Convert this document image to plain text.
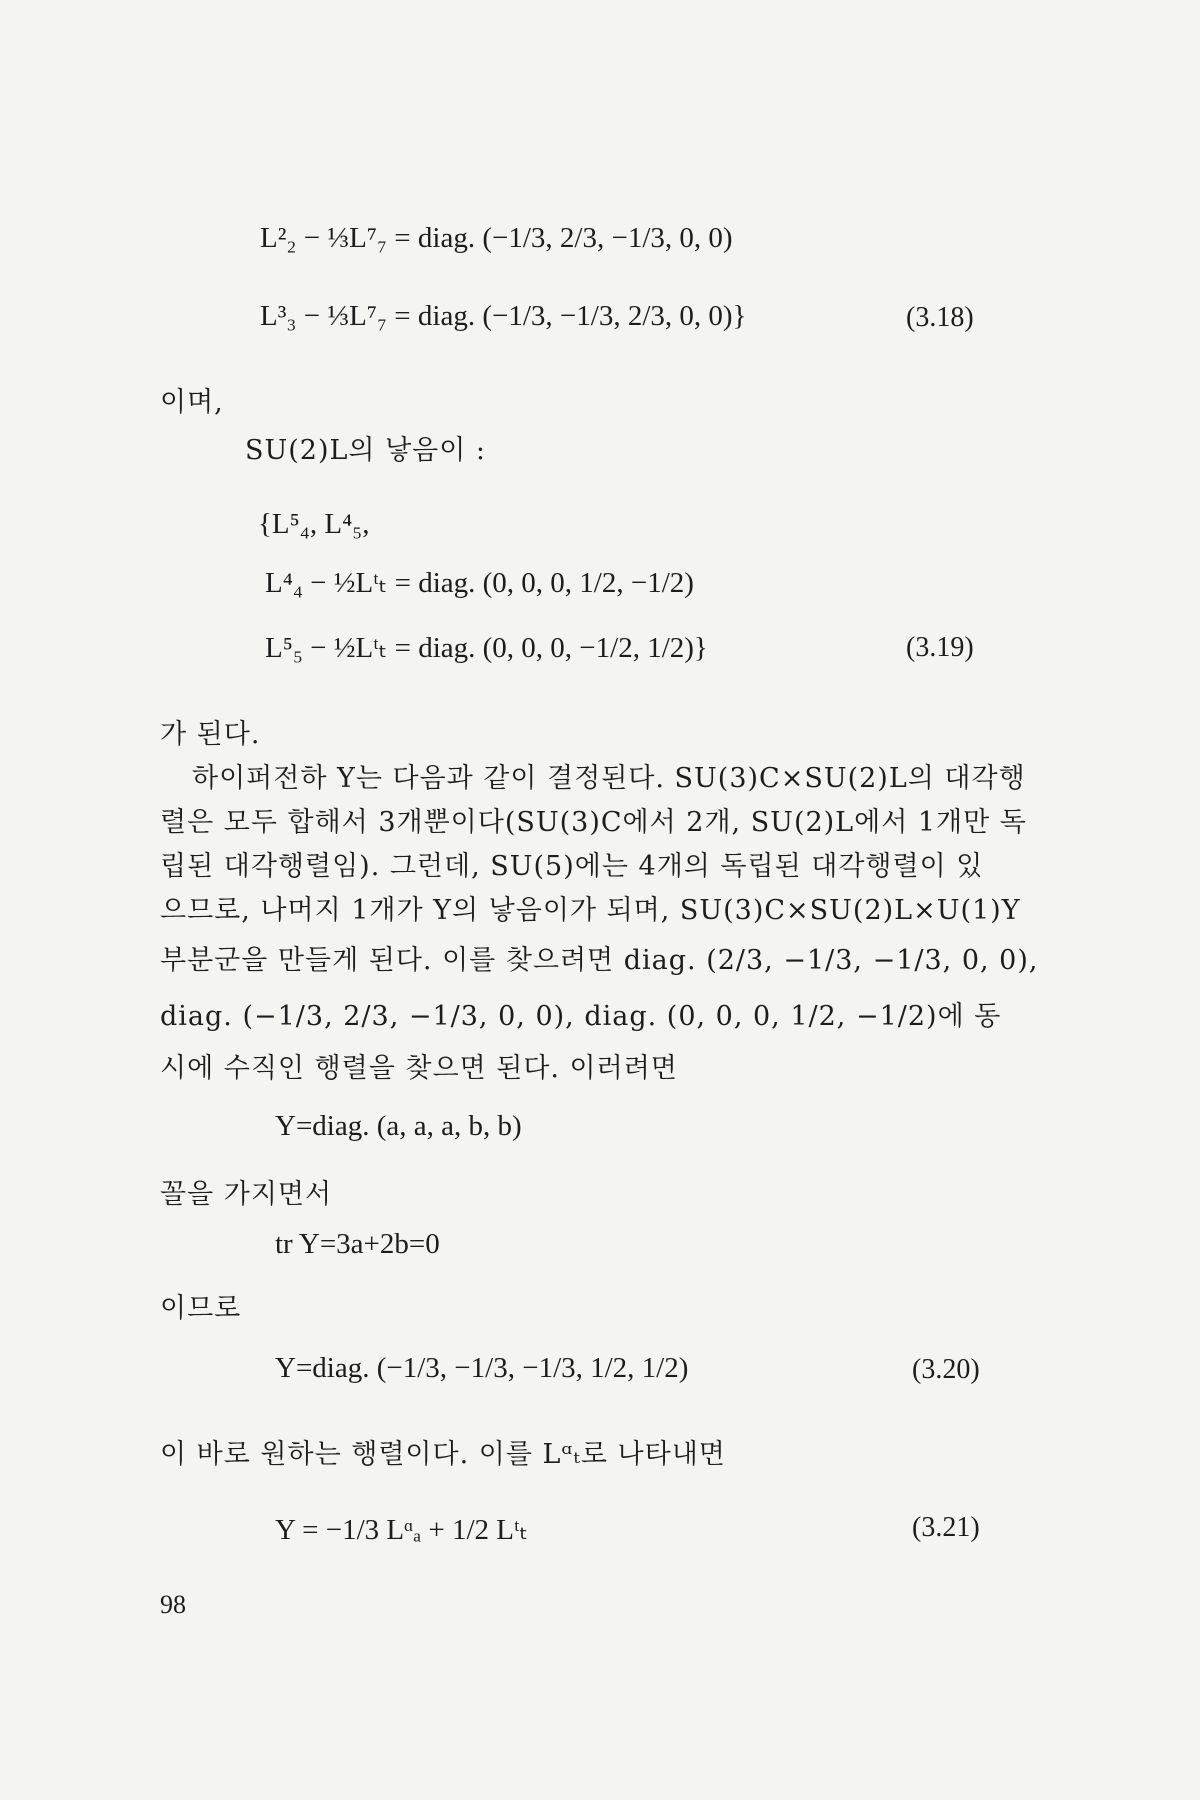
L²₂ − ⅓L⁷₇ = diag. (−1/3, 2/3, −1/3, 0, 0)
L³₃ − ⅓L⁷₇ = diag. (−1/3, −1/3, 2/3, 0, 0)}	(3.18)
이며,
SU(2)L의 낳음이 :
{L⁵₄, L⁴₅,
L⁴₄ − ½Lᵗₜ = diag. (0, 0, 0, 1/2, −1/2)
L⁵₅ − ½Lᵗₜ = diag. (0, 0, 0, −1/2, 1/2)}	(3.19)
가 된다.
하이퍼전하 Y는 다음과 같이 결정된다. SU(3)C×SU(2)L의 대각행
렬은 모두 합해서 3개뿐이다(SU(3)C에서 2개, SU(2)L에서 1개만 독
립된 대각행렬임). 그런데, SU(5)에는 4개의 독립된 대각행렬이 있
으므로, 나머지 1개가 Y의 낳음이가 되며, SU(3)C×SU(2)L×U(1)Y
부분군을 만들게 된다. 이를 찾으려면 diag. (2/3, −1/3, −1/3, 0, 0),
diag. (−1/3, 2/3, −1/3, 0, 0), diag. (0, 0, 0, 1/2, −1/2)에 동
시에 수직인 행렬을 찾으면 된다. 이러려면
Y=diag. (a, a, a, b, b)
꼴을 가지면서
tr Y=3a+2b=0
이므로
Y=diag. (−1/3, −1/3, −1/3, 1/2, 1/2)	(3.20)
이 바로 원하는 행렬이다. 이를 Lᵅₜ로 나타내면
Y = −1/3 Lᵅₐ + 1/2 Lᵗₜ	(3.21)
98
